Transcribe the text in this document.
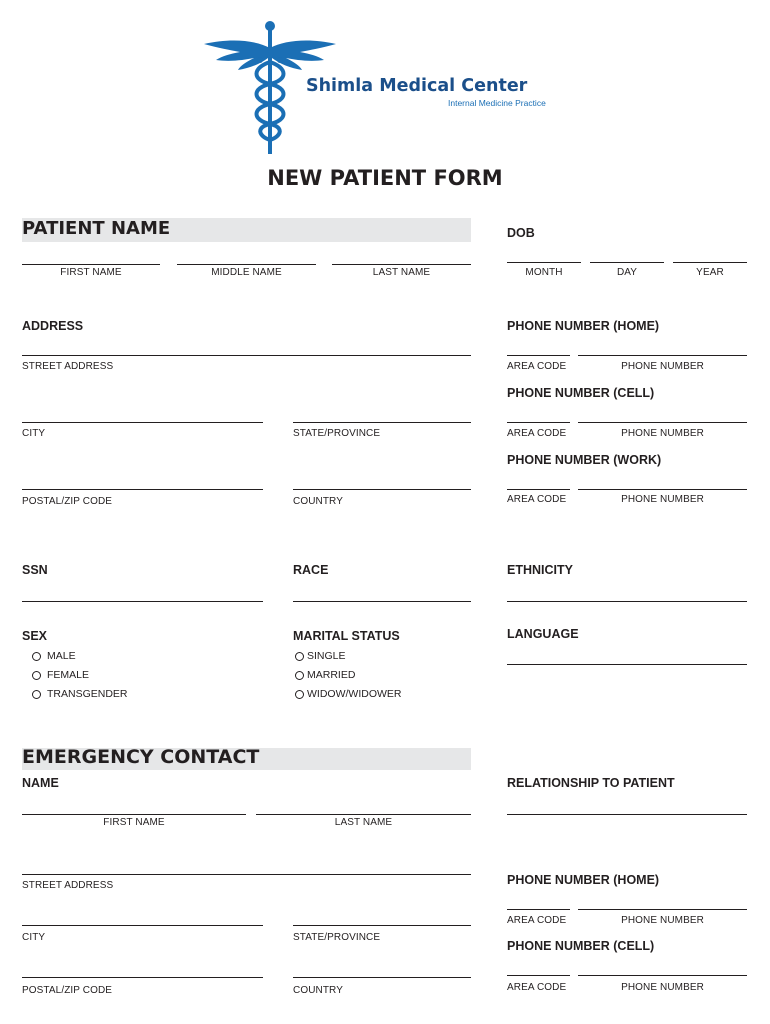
Shimla Medical Center
Internal Medicine Practice
NEW PATIENT FORM
PATIENT NAME
FIRST NAME	MIDDLE NAME	LAST NAME
DOB
MONTH	DAY	YEAR
ADDRESS
STREET ADDRESS
CITY	STATE/PROVINCE
POSTAL/ZIP CODE	COUNTRY
PHONE NUMBER (HOME)
AREA CODE	PHONE NUMBER
PHONE NUMBER (CELL)
AREA CODE	PHONE NUMBER
PHONE NUMBER (WORK)
AREA CODE	PHONE NUMBER
SSN	RACE	ETHNICITY
SEX
MALE
FEMALE
TRANSGENDER
MARITAL STATUS
SINGLE
MARRIED
WIDOW/WIDOWER
LANGUAGE
EMERGENCY CONTACT
NAME
FIRST NAME	LAST NAME
RELATIONSHIP TO PATIENT
STREET ADDRESS
CITY	STATE/PROVINCE
POSTAL/ZIP CODE	COUNTRY
PHONE NUMBER (HOME)
AREA CODE	PHONE NUMBER
PHONE NUMBER (CELL)
AREA CODE	PHONE NUMBER
